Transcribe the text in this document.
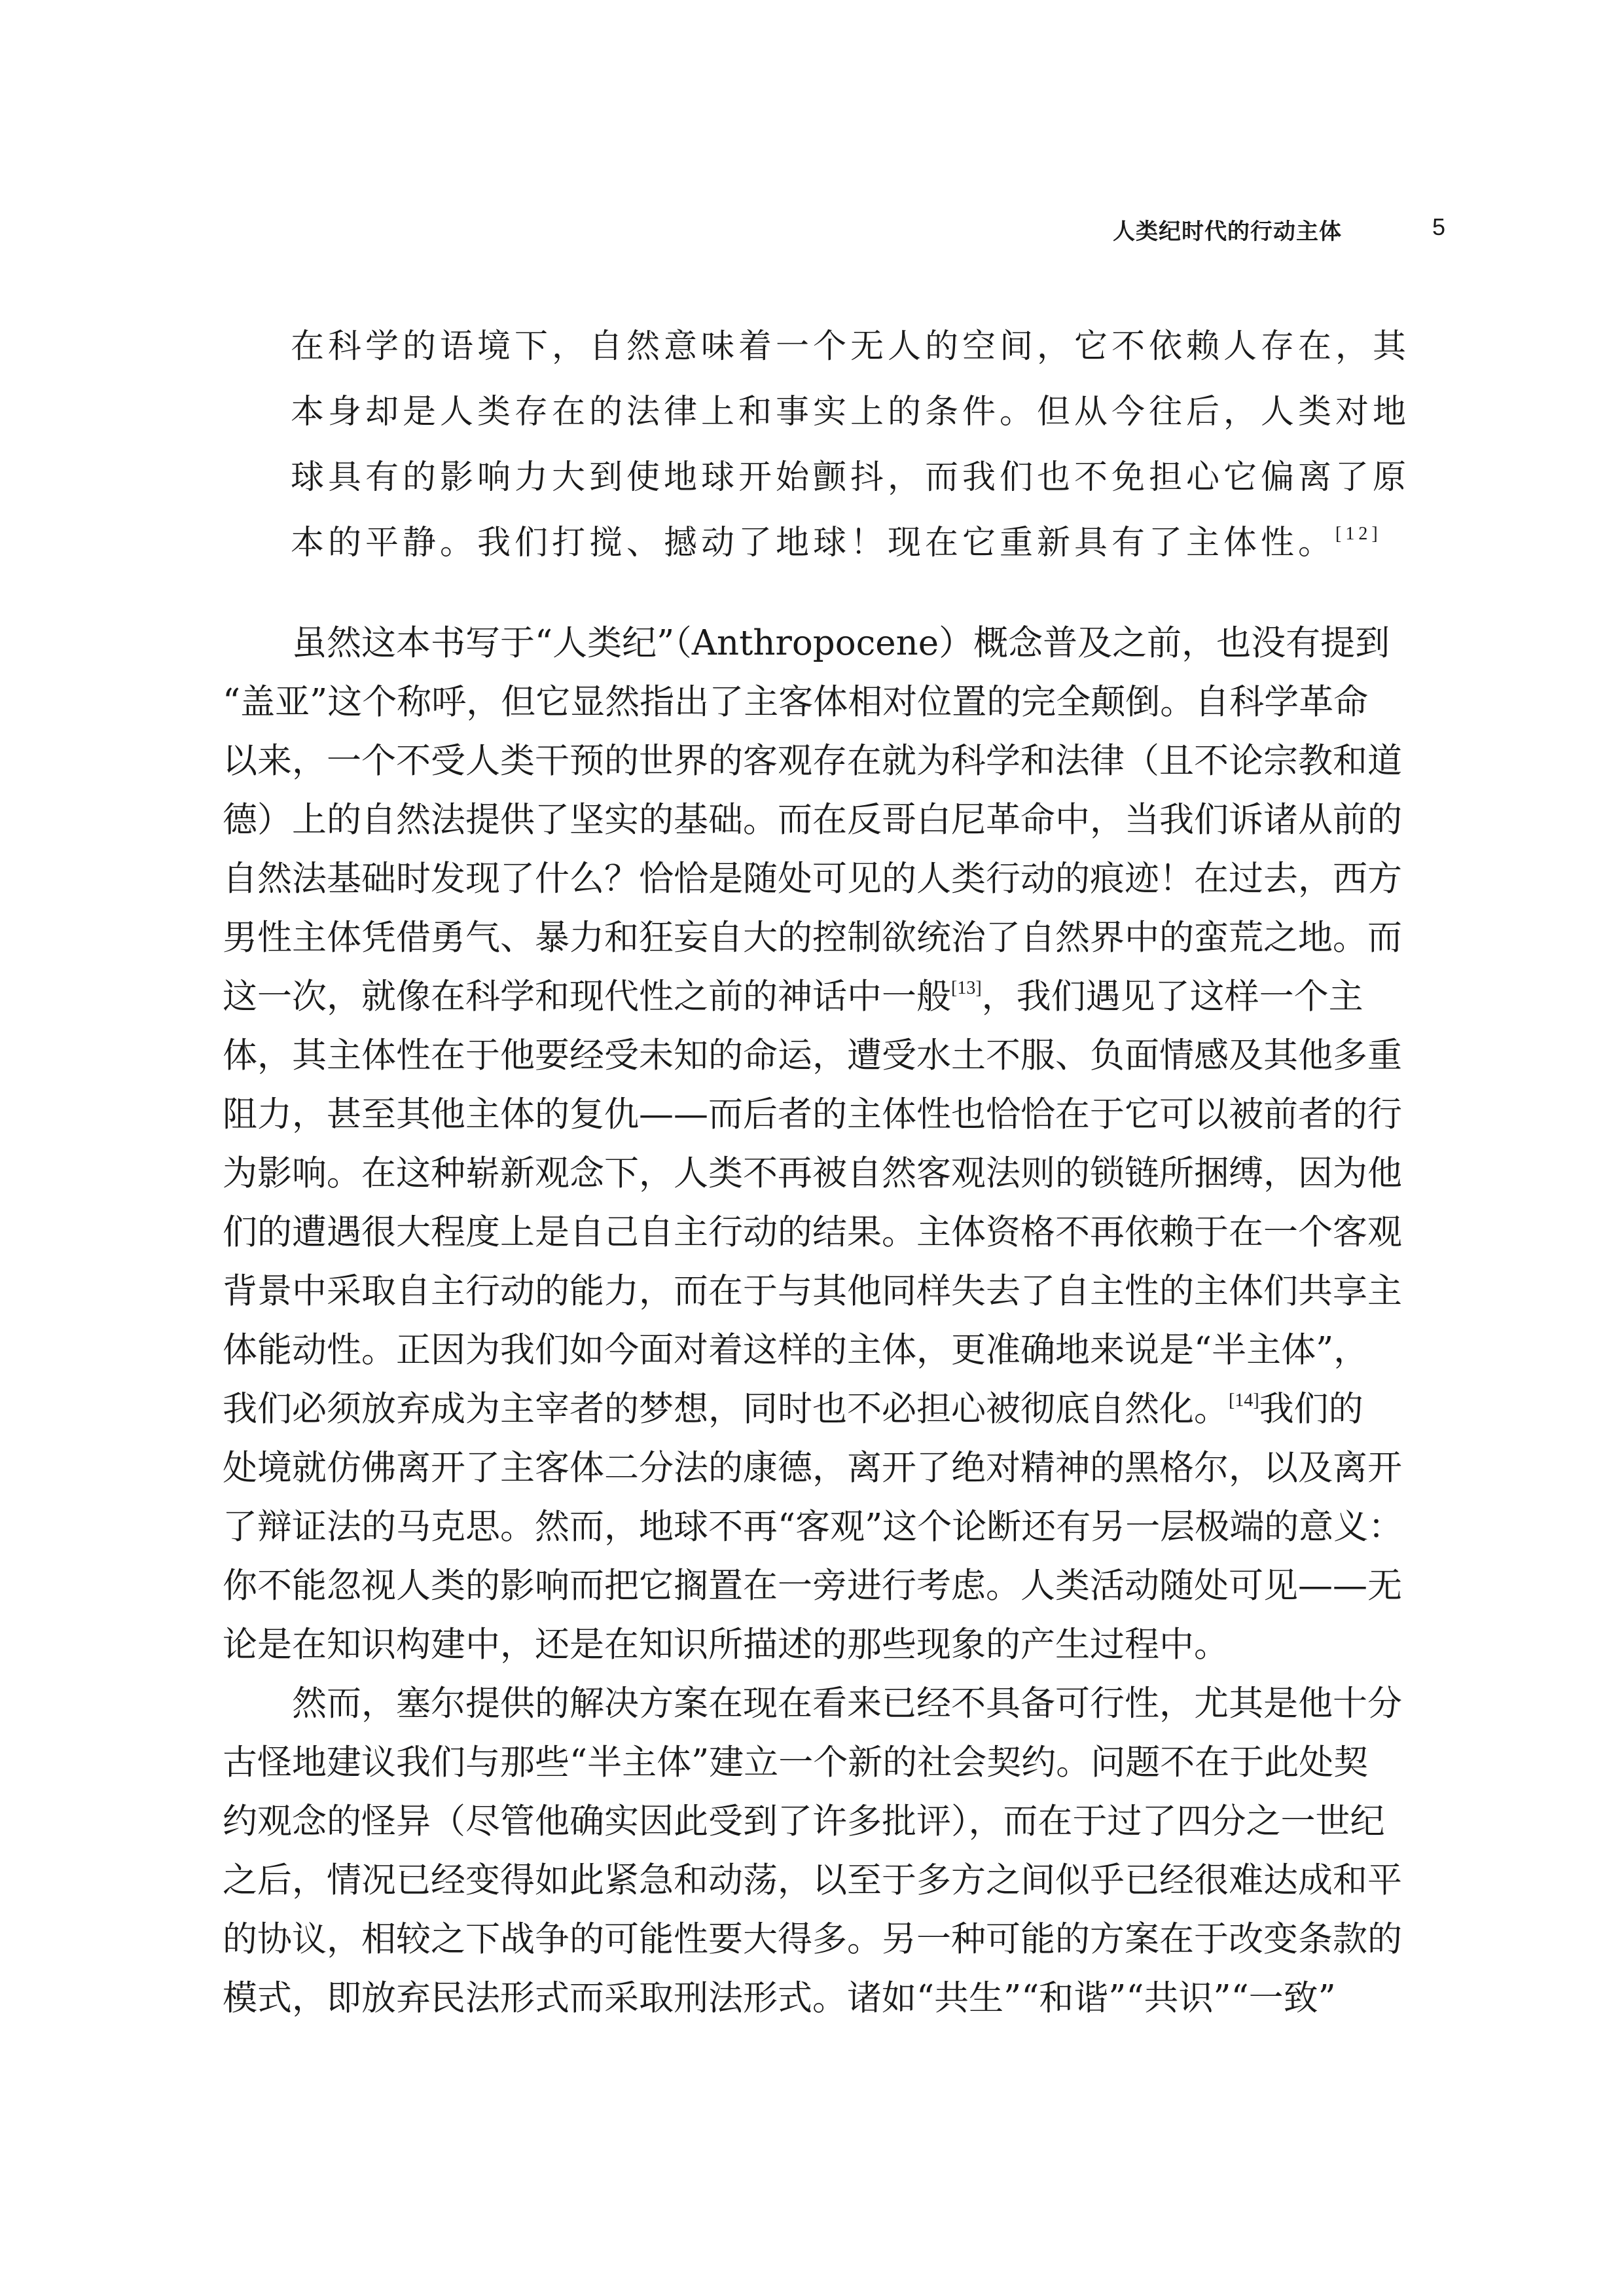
人类纪时代的行动主体	5
在科学的语境下，自然意味着一个无人的空间，它不依赖人存在，其
本身却是人类存在的法律上和事实上的条件。但从今往后，人类对地
球具有的影响力大到使地球开始颤抖，而我们也不免担心它偏离了原
本的平静。我们打搅、撼动了地球！现在它重新具有了主体性。[12]
虽然这本书写于“人类纪”（Anthropocene）概念普及之前，也没有提到
“盖亚”这个称呼，但它显然指出了主客体相对位置的完全颠倒。自科学革命
以来，一个不受人类干预的世界的客观存在就为科学和法律（且不论宗教和道
德）上的自然法提供了坚实的基础。而在反哥白尼革命中，当我们诉诸从前的
自然法基础时发现了什么？恰恰是随处可见的人类行动的痕迹！在过去，西方
男性主体凭借勇气、暴力和狂妄自大的控制欲统治了自然界中的蛮荒之地。而
这一次，就像在科学和现代性之前的神话中一般[13]，我们遇见了这样一个主
体，其主体性在于他要经受未知的命运，遭受水土不服、负面情感及其他多重
阻力，甚至其他主体的复仇——而后者的主体性也恰恰在于它可以被前者的行
为影响。在这种崭新观念下，人类不再被自然客观法则的锁链所捆缚，因为他
们的遭遇很大程度上是自己自主行动的结果。主体资格不再依赖于在一个客观
背景中采取自主行动的能力，而在于与其他同样失去了自主性的主体们共享主
体能动性。正因为我们如今面对着这样的主体，更准确地来说是“半主体”，
我们必须放弃成为主宰者的梦想，同时也不必担心被彻底自然化。[14]我们的
处境就仿佛离开了主客体二分法的康德，离开了绝对精神的黑格尔，以及离开
了辩证法的马克思。然而，地球不再“客观”这个论断还有另一层极端的意义：
你不能忽视人类的影响而把它搁置在一旁进行考虑。人类活动随处可见——无
论是在知识构建中，还是在知识所描述的那些现象的产生过程中。
然而，塞尔提供的解决方案在现在看来已经不具备可行性，尤其是他十分
古怪地建议我们与那些“半主体”建立一个新的社会契约。问题不在于此处契
约观念的怪异（尽管他确实因此受到了许多批评），而在于过了四分之一世纪
之后，情况已经变得如此紧急和动荡，以至于多方之间似乎已经很难达成和平
的协议，相较之下战争的可能性要大得多。另一种可能的方案在于改变条款的
模式，即放弃民法形式而采取刑法形式。诸如“共生”“和谐”“共识”“一致”
